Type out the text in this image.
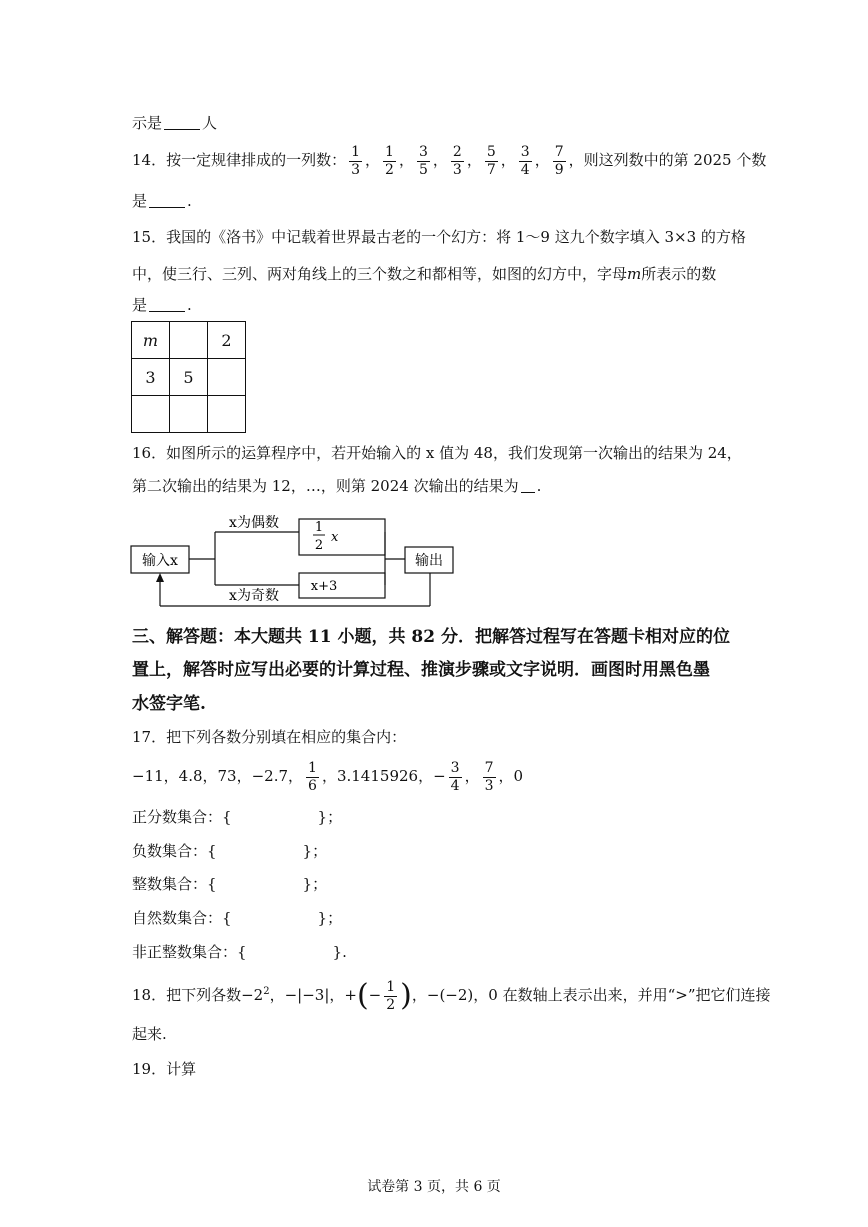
示是	人
14．按一定规律排成的一列数： $\frac{1}{3}$ ， $\frac{1}{2}$ ， $\frac{3}{5}$ ， $\frac{2}{3}$ ， $\frac{5}{7}$ ， $\frac{3}{4}$ ， $\frac{7}{9}$ ，则这列数中的第 2025 个数
是	.
15．我国的《洛书》中记载着世界最古老的一个幻方：将 1～9 这九个数字填入 3×3 的方格
中，使三行、三列、两对角线上的三个数之和都相等，如图的幻方中，字母m所表示的数
是	.
m		2
3	5	

16．如图所示的运算程序中，若开始输入的 x 值为 48，我们发现第一次输出的结果为 24，
第二次输出的结果为 12，…，则第 2024 次输出的结果为 .
输入x	输出
x为偶数
x为奇数
1
2
x
x+3
三、解答题：本大题共 11 小题，共 82 分．把解答过程写在答题卡相对应的位
置上，解答时应写出必要的计算过程、推演步骤或文字说明．画图时用黑色墨
水签字笔.
17．把下列各数分别填在相应的集合内：
−11，4.8，73，−2.7， $\frac{1}{6}$ ，3.1415926，− $\frac{3}{4}$ ， $\frac{7}{3}$ ，0
正分数集合：{	}；
负数集合：{	}；
整数集合：{	}；
自然数集合：{	}；
非正整数集合：{	}.
18．把下列各数$-2^2$，−|−3|，+(− $\frac{1}{2}$ )，−(−2)，0 在数轴上表示出来，并用“>”把它们连接
起来.
19．计算
试卷第 3 页，共 6 页
